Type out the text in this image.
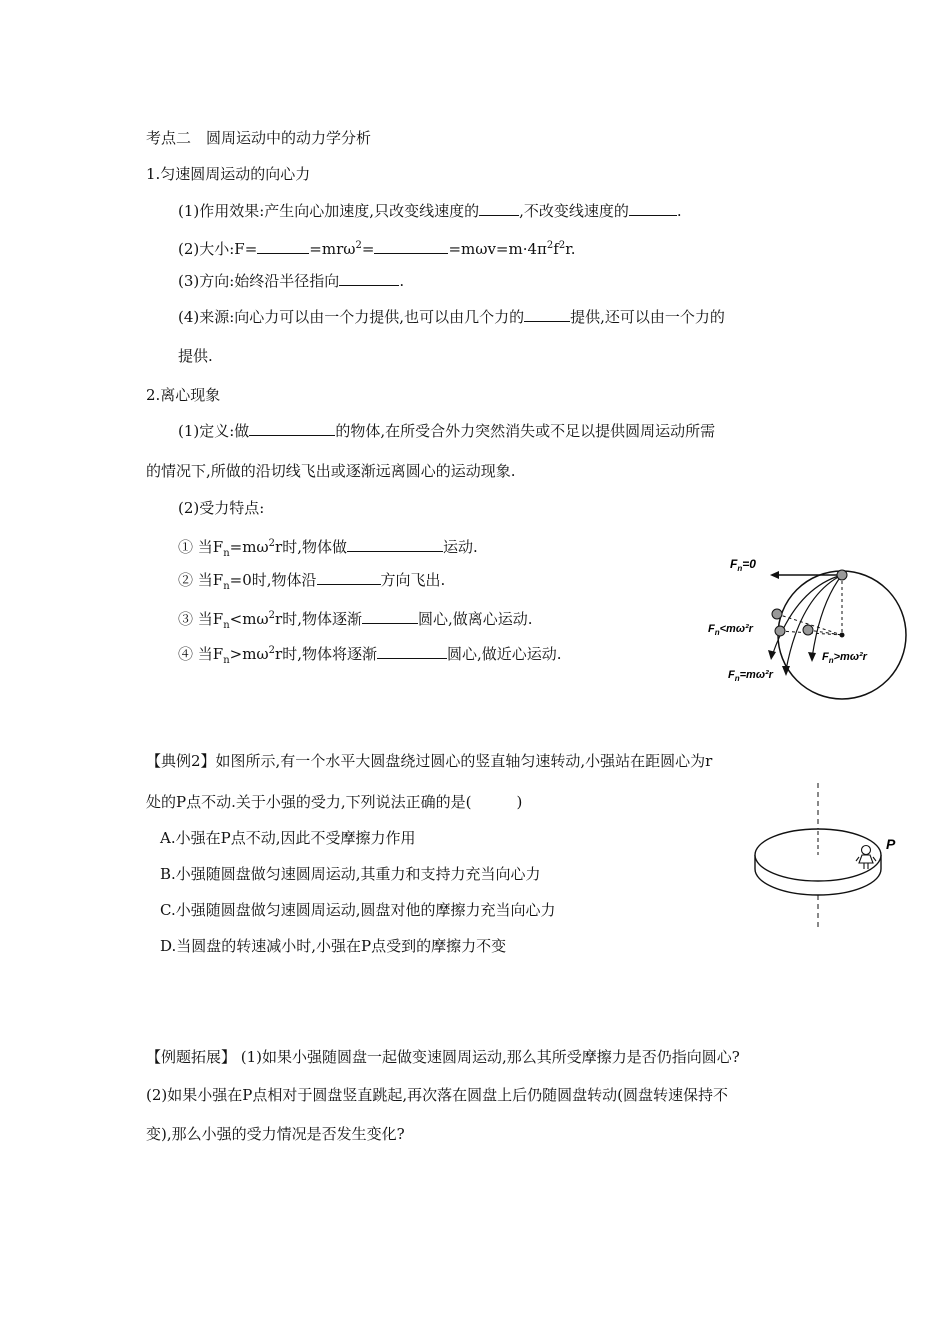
考点二　圆周运动中的动力学分析
1.匀速圆周运动的向心力
(1)作用效果:产生向心加速度,只改变线速度的	,不改变线速度的	.
(2)大小:F=	=mrω$^2$=	$=m\omega v=m\cdot 4\pi^2f^2r$.
(3)方向:始终沿半径指向	.
(4)来源:向心力可以由一个力提供,也可以由几个力的	提供,还可以由一个力的
提供.
2.离心现象
(1)定义:做	的物体,在所受合外力突然消失或不足以提供圆周运动所需
的情况下,所做的沿切线飞出或逐渐远离圆心的运动现象.
(2)受力特点:
① 当$F_n=m\omega^2r$时,物体做	运动.
② 当$F_n=0$时,物体沿	方向飞出.
③ 当$F_n<m\omega^2r$时,物体逐渐	圆心,做离心运动.
④ 当$F_n>m\omega^2r$时,物体将逐渐	圆心,做近心运动.
$F_n=0$
$F_n<m\omega^2r$
$F_n>m\omega^2r$
$F_n=m\omega^2r$
【典例2】如图所示,有一个水平大圆盘绕过圆心的竖直轴匀速转动,小强站在距圆心为r
处的P点不动.关于小强的受力,下列说法正确的是(　　　)
A.小强在P点不动,因此不受摩擦力作用
B.小强随圆盘做匀速圆周运动,其重力和支持力充当向心力
C.小强随圆盘做匀速圆周运动,圆盘对他的摩擦力充当向心力
D.当圆盘的转速减小时,小强在P点受到的摩擦力不变
P
【例题拓展】 (1)如果小强随圆盘一起做变速圆周运动,那么其所受摩擦力是否仍指向圆心?
(2)如果小强在P点相对于圆盘竖直跳起,再次落在圆盘上后仍随圆盘转动(圆盘转速保持不
变),那么小强的受力情况是否发生变化?
